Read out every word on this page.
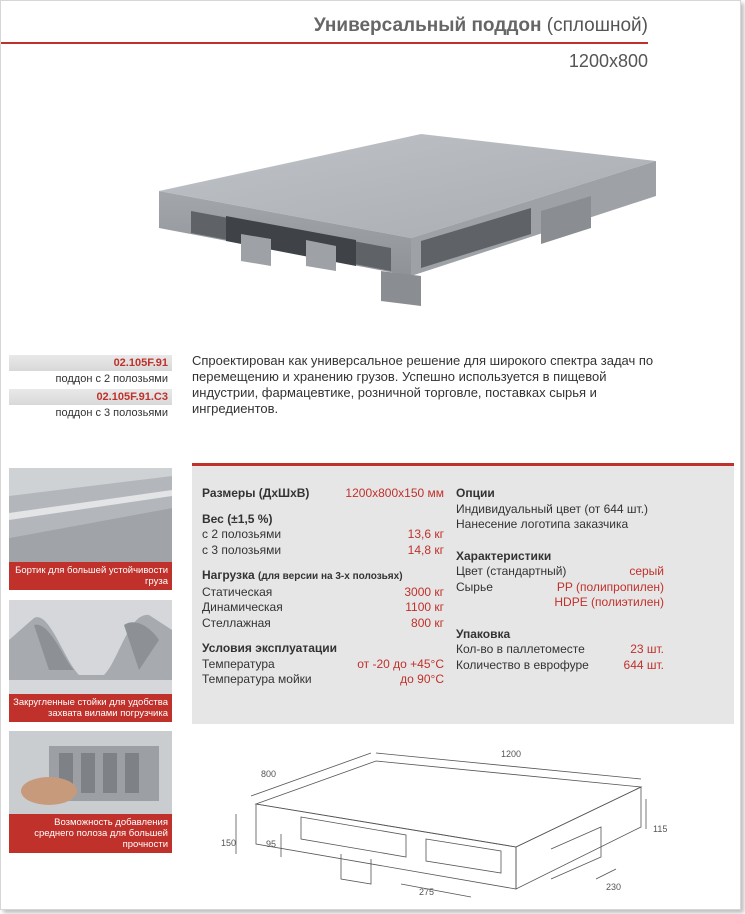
Универсальный поддон (сплошной)
1200x800
02.105F.91
поддон с 2 полозьями
02.105F.91.C3
поддон с 3 полозьями
Спроектирован как универсальное решение для широкого спектра задач по перемещению и хранению грузов. Успешно используется в пищевой индустрии, фармацевтике, розничной торговле, поставках сырья и ингредиентов.
Бортик для большей устойчивости груза
Закругленные стойки для удобства захвата вилами погрузчика
Возможность добавления среднего полоза для большей прочности
Размеры (ДхШхВ)	1200х800х150 мм
Вес (±1,5 %)
с 2 полозьями	13,6 кг
с 3 полозьями	14,8 кг
Нагрузка (для версии на 3-х полозьях)
Статическая	3000 кг
Динамическая	1100 кг
Стеллажная	800 кг
Условия эксплуатации
Температура	от -20 до +45°C
Температура мойки	до 90°C
Опции
Индивидуальный цвет (от 644 шт.)
Нанесение логотипа заказчика
Характеристики
Цвет (стандартный)	серый
Сырье	PP (полипропилен)
HDPE (полиэтилен)
Упаковка
Кол-во в паллетоместе	23 шт.
Количество в еврофуре	644 шт.
1200
800
150	95
115
275	230
